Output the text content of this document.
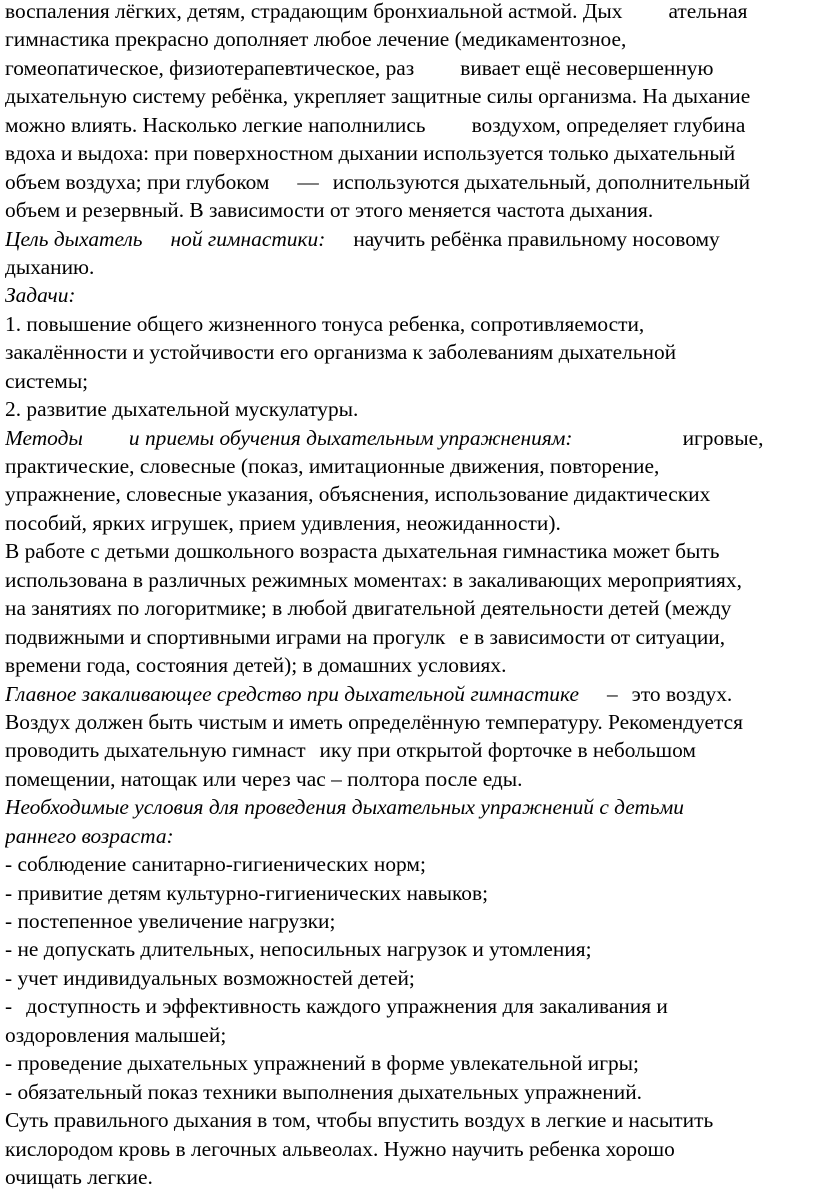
воспаления лёгких, детям, страдающим бронхиальной астмой. Дых ательная
гимнастика прекрасно дополняет любое лечение (медикаментозное,
гомеопатическое, физиотерапевтическое, раз вивает ещё несовершенную
дыхательную систему ребёнка, укрепляет защитные силы организма. На дыхание
можно влиять. Насколько легкие наполнились воздухом, определяет глубина
вдоха и выдоха: при поверхностном дыхании используется только дыхательный
объем воздуха; при глубоком — используются дыхательный, дополнительный
объем и резервный. В зависимости от этого меняется частота дыхания.
Цель дыхатель ной гимнастики: научить ребёнка правильному носовому
дыханию.
Задачи:
1. повышение общего жизненного тонуса ребенка, сопротивляемости,
закалённости и устойчивости его организма к заболеваниям дыхательной
системы;
2. развитие дыхательной мускулатуры.
Методы и приемы обучения дыхательным упражнениям:	игровые,
практические, словесные (показ, имитационные движения, повторение,
упражнение, словесные указания, объяснения, использование дидактических
пособий, ярких игрушек, прием удивления, неожиданности).
В работе с детьми дошкольного возраста дыхательная гимнастика может быть
использована в различных режимных моментах: в закаливающих мероприятиях,
на занятиях по логоритмике; в любой двигательной деятельности детей (между
подвижными и спортивными играми на прогулк е в зависимости от ситуации,
времени года, состояния детей); в домашних условиях.
Главное закаливающее средство при дыхательной гимнастике – это воздух.
Воздух должен быть чистым и иметь определённую температуру. Рекомендуется
проводить дыхательную гимнаст ику при открытой форточке в небольшом
помещении, натощак или через час – полтора после еды.
Необходимые условия для проведения дыхательных упражнений с детьми
раннего возраста:
- соблюдение санитарно-гигиенических норм;
- привитие детям культурно-гигиенических навыков;
- постепенное увеличение нагрузки;
- не допускать длительных, непосильных нагрузок и утомления;
- учет индивидуальных возможностей детей;
- доступность и эффективность каждого упражнения для закаливания и
оздоровления малышей;
- проведение дыхательных упражнений в форме увлекательной игры;
- обязательный показ техники выполнения дыхательных упражнений.
Суть правильного дыхания в том, чтобы впустить воздух в легкие и насытить
кислородом кровь в легочных альвеолах. Нужно научить ребенка хорошо
очищать легкие.
